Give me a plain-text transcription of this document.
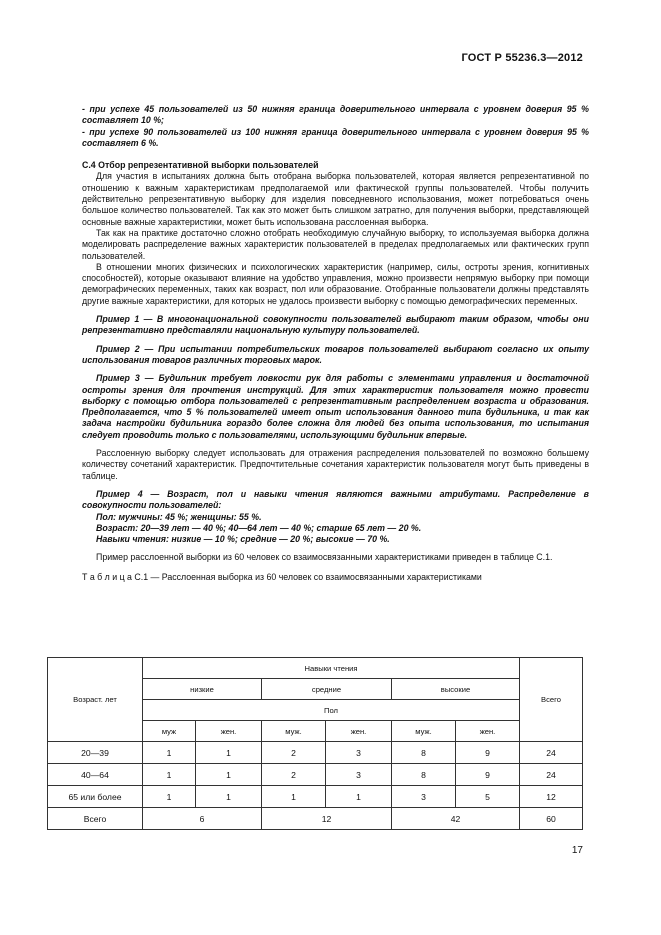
ГОСТ Р 55236.3—2012

- при успехе 45 пользователей из 50 нижняя граница доверительного интервала с уровнем доверия 95 % составляет 10 %;

- при успехе 90 пользователей из 100 нижняя граница доверительного интервала с уровнем доверия 95 % составляет 6 %.

С.4 Отбор репрезентативной выборки пользователей

Для участия в испытаниях должна быть отобрана выборка пользователей, которая является репрезентативной по отношению к важным характеристикам предполагаемой или фактической группы пользователей. Чтобы получить действительно репрезентативную выборку для изделия повседневного использования, может потребоваться очень большое количество пользователей. Так как это может быть слишком затратно, для получения выборки, представляющей основные важные характеристики, может быть использована расслоенная выборка.

Так как на практике достаточно сложно отобрать необходимую случайную выборку, то используемая выборка должна моделировать распределение важных характеристик пользователей в пределах предполагаемых или фактических групп пользователей.

В отношении многих физических и психологических характеристик (например, силы, остроты зрения, когнитивных способностей), которые оказывают влияние на удобство управления, можно произвести непрямую выборку при помощи демографических переменных, таких как возраст, пол или образование. Отобранные пользователи должны представлять другие важные характеристики, для которых не удалось произвести выборку с помощью демографических переменных.

Пример 1 — В многонациональной совокупности пользователей выбирают таким образом, чтобы они репрезентативно представляли национальную культуру пользователей.

Пример 2 — При испытании потребительских товаров пользователей выбирают согласно их опыту использования товаров различных торговых марок.

Пример 3 — Будильник требует ловкости рук для работы с элементами управления и достаточной остроты зрения для прочтения инструкций. Для этих характеристик пользователя можно провести выборку с помощью отбора пользователей с репрезентативным распределением возраста и образования. Предполагается, что 5 % пользователей имеет опыт использования данного типа будильника, и так как задача настройки будильника гораздо более сложна для людей без опыта использования, то испытания следует проводить только с пользователями, использующими будильник впервые.

Расслоенную выборку следует использовать для отражения распределения пользователей по возможно большему количеству сочетаний характеристик. Предпочтительные сочетания характеристик пользователя могут быть приведены в таблице.

Пример 4 — Возраст, пол и навыки чтения являются важными атрибутами. Распределение в совокупности пользователей:

Пол: мужчины: 45 %; женщины: 55 %.

Возраст: 20—39 лет — 40 %; 40—64 лет — 40 %; старше 65 лет — 20 %.

Навыки чтения: низкие — 10 %; средние — 20 %; высокие — 70 %.

Пример расслоенной выборки из 60 человек со взаимосвязанными характеристиками приведен в таблице С.1.

Т а б л и ц а С.1 — Расслоенная выборка из 60 человек со взаимосвязанными характеристиками

Возраст. лет	Навыки чтения						Всего
	низкие		средние		высокие		
	Пол						
	муж	жен.	муж.	жен.	муж.	жен.	
20—39	1	1	2	3	8	9	24
40—64	1	1	2	3	8	9	24
65 или более	1	1	1	1	3	5	12
Всего	6		12		42		60
17
